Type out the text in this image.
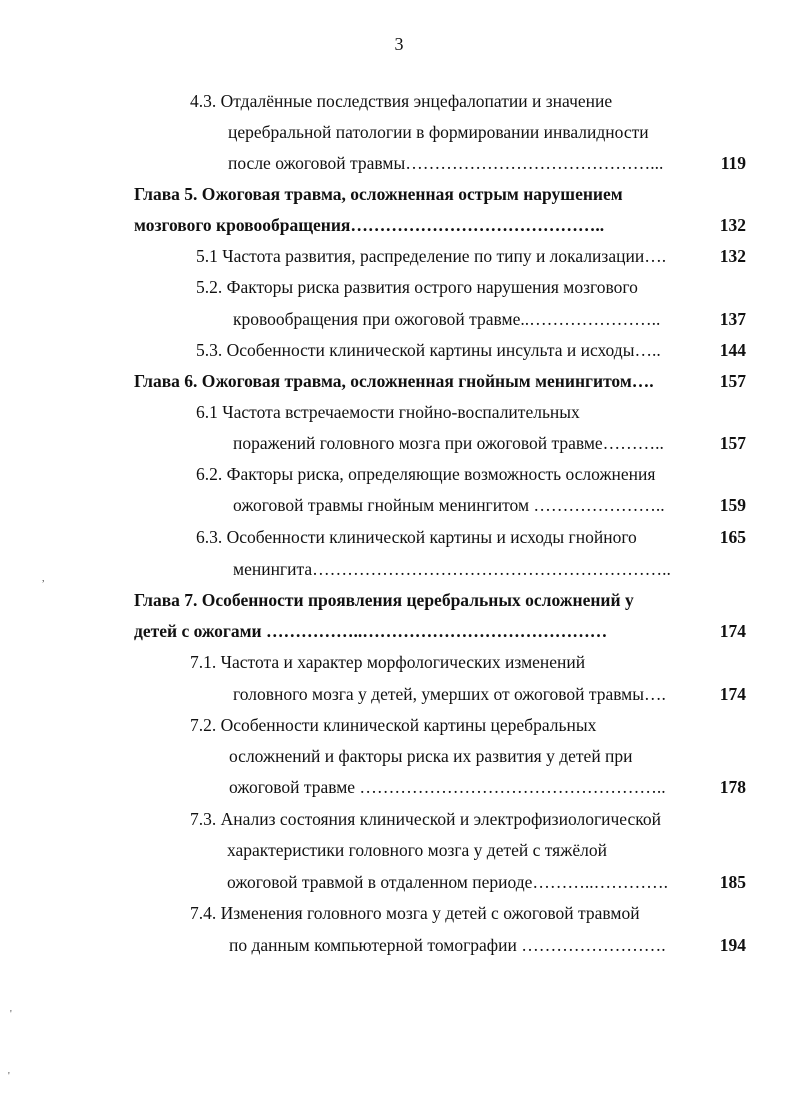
3
4.3. Отдалённые последствия энцефалопатии и значение
церебральной патологии в формировании инвалидности
после ожоговой травмы……………………………………...	119
Глава 5. Ожоговая травма, осложненная острым нарушением
мозгового кровообращения……………………………………..	132
5.1 Частота развития, распределение по типу и локализации….	132
5.2. Факторы риска развития острого нарушения мозгового
кровообращения при ожоговой травме..…………………..	137
5.3. Особенности клинической картины инсульта и исходы…..	144
Глава 6. Ожоговая травма, осложненная гнойным менингитом….	157
6.1 Частота встречаемости гнойно-воспалительных
поражений головного мозга при ожоговой травме………..	157
6.2. Факторы риска, определяющие возможность осложнения
ожоговой травмы гнойным менингитом …………………..	159
6.3. Особенности клинической картины и исходы гнойного	165
менингита……………………………………………………..
Глава 7. Особенности проявления церебральных осложнений у
детей с ожогами ……………..……………………………………	174
7.1. Частота и характер морфологических изменений
головного мозга у детей, умерших от ожоговой травмы….	174
7.2. Особенности клинической картины церебральных
осложнений и факторы риска их развития у детей при
ожоговой травме ……………………………………………..	178
7.3. Анализ состояния клинической и электрофизиологической
характеристики головного мозга у детей с тяжёлой
ожоговой травмой в отдаленном периоде………..………….	185
7.4. Изменения головного мозга у детей с ожоговой травмой
по данным компьютерной томографии …………………….	194
,
'
'
